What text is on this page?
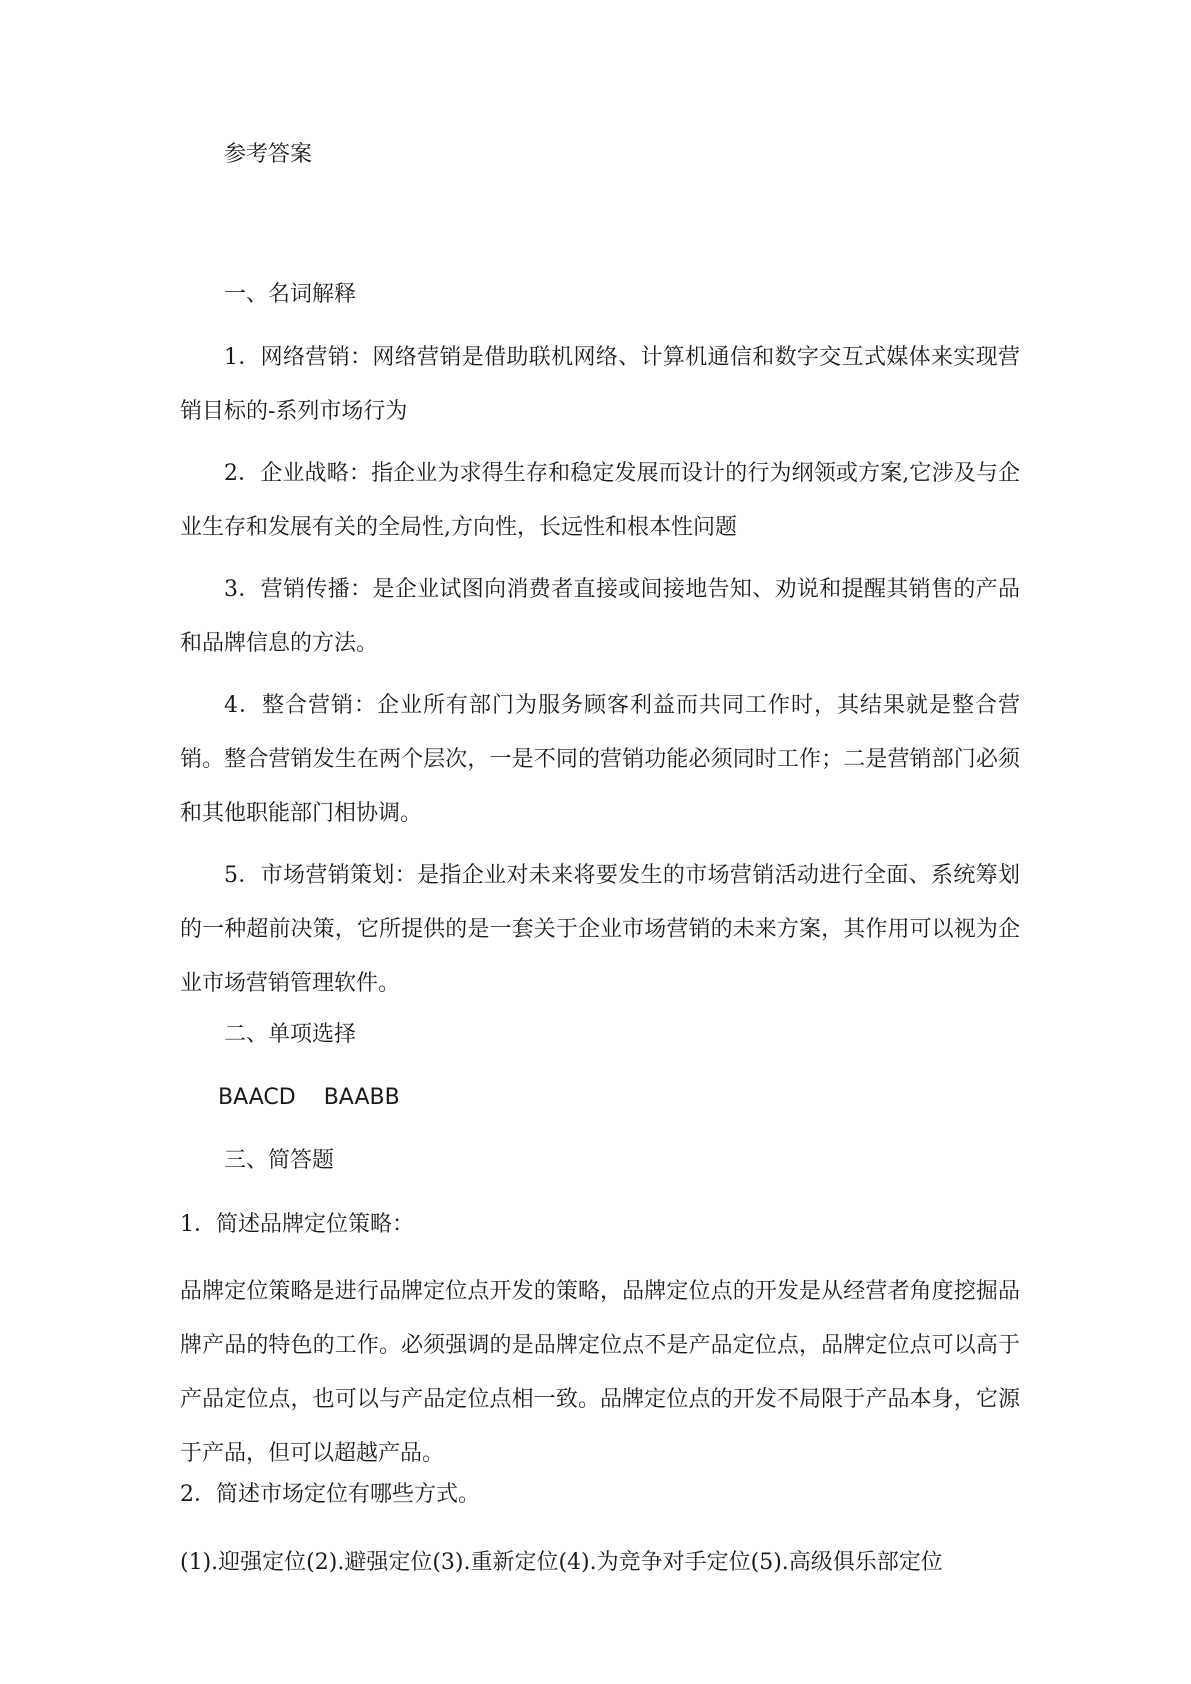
参考答案

一、名词解释

1．网络营销：网络营销是借助联机网络、计算机通信和数字交互式媒体来实现营销目标的-系列市场行为

2．企业战略：指企业为求得生存和稳定发展而设计的行为纲领或方案,它涉及与企业生存和发展有关的全局性,方向性，长远性和根本性问题

3．营销传播：是企业试图向消费者直接或间接地告知、劝说和提醒其销售的产品和品牌信息的方法。

4．整合营销：企业所有部门为服务顾客利益而共同工作时，其结果就是整合营销。整合营销发生在两个层次，一是不同的营销功能必须同时工作；二是营销部门必须和其他职能部门相协调。

5．市场营销策划：是指企业对未来将要发生的市场营销活动进行全面、系统筹划的一种超前决策，它所提供的是一套关于企业市场营销的未来方案，其作用可以视为企业市场营销管理软件。

二、单项选择

BAACD    BAABB

三、简答题

1．简述品牌定位策略：

品牌定位策略是进行品牌定位点开发的策略，品牌定位点的开发是从经营者角度挖掘品牌产品的特色的工作。必须强调的是品牌定位点不是产品定位点，品牌定位点可以高于产品定位点，也可以与产品定位点相一致。品牌定位点的开发不局限于产品本身，它源于产品，但可以超越产品。

2．简述市场定位有哪些方式。

(1).迎强定位(2).避强定位(3).重新定位(4).为竞争对手定位(5).高级俱乐部定位
